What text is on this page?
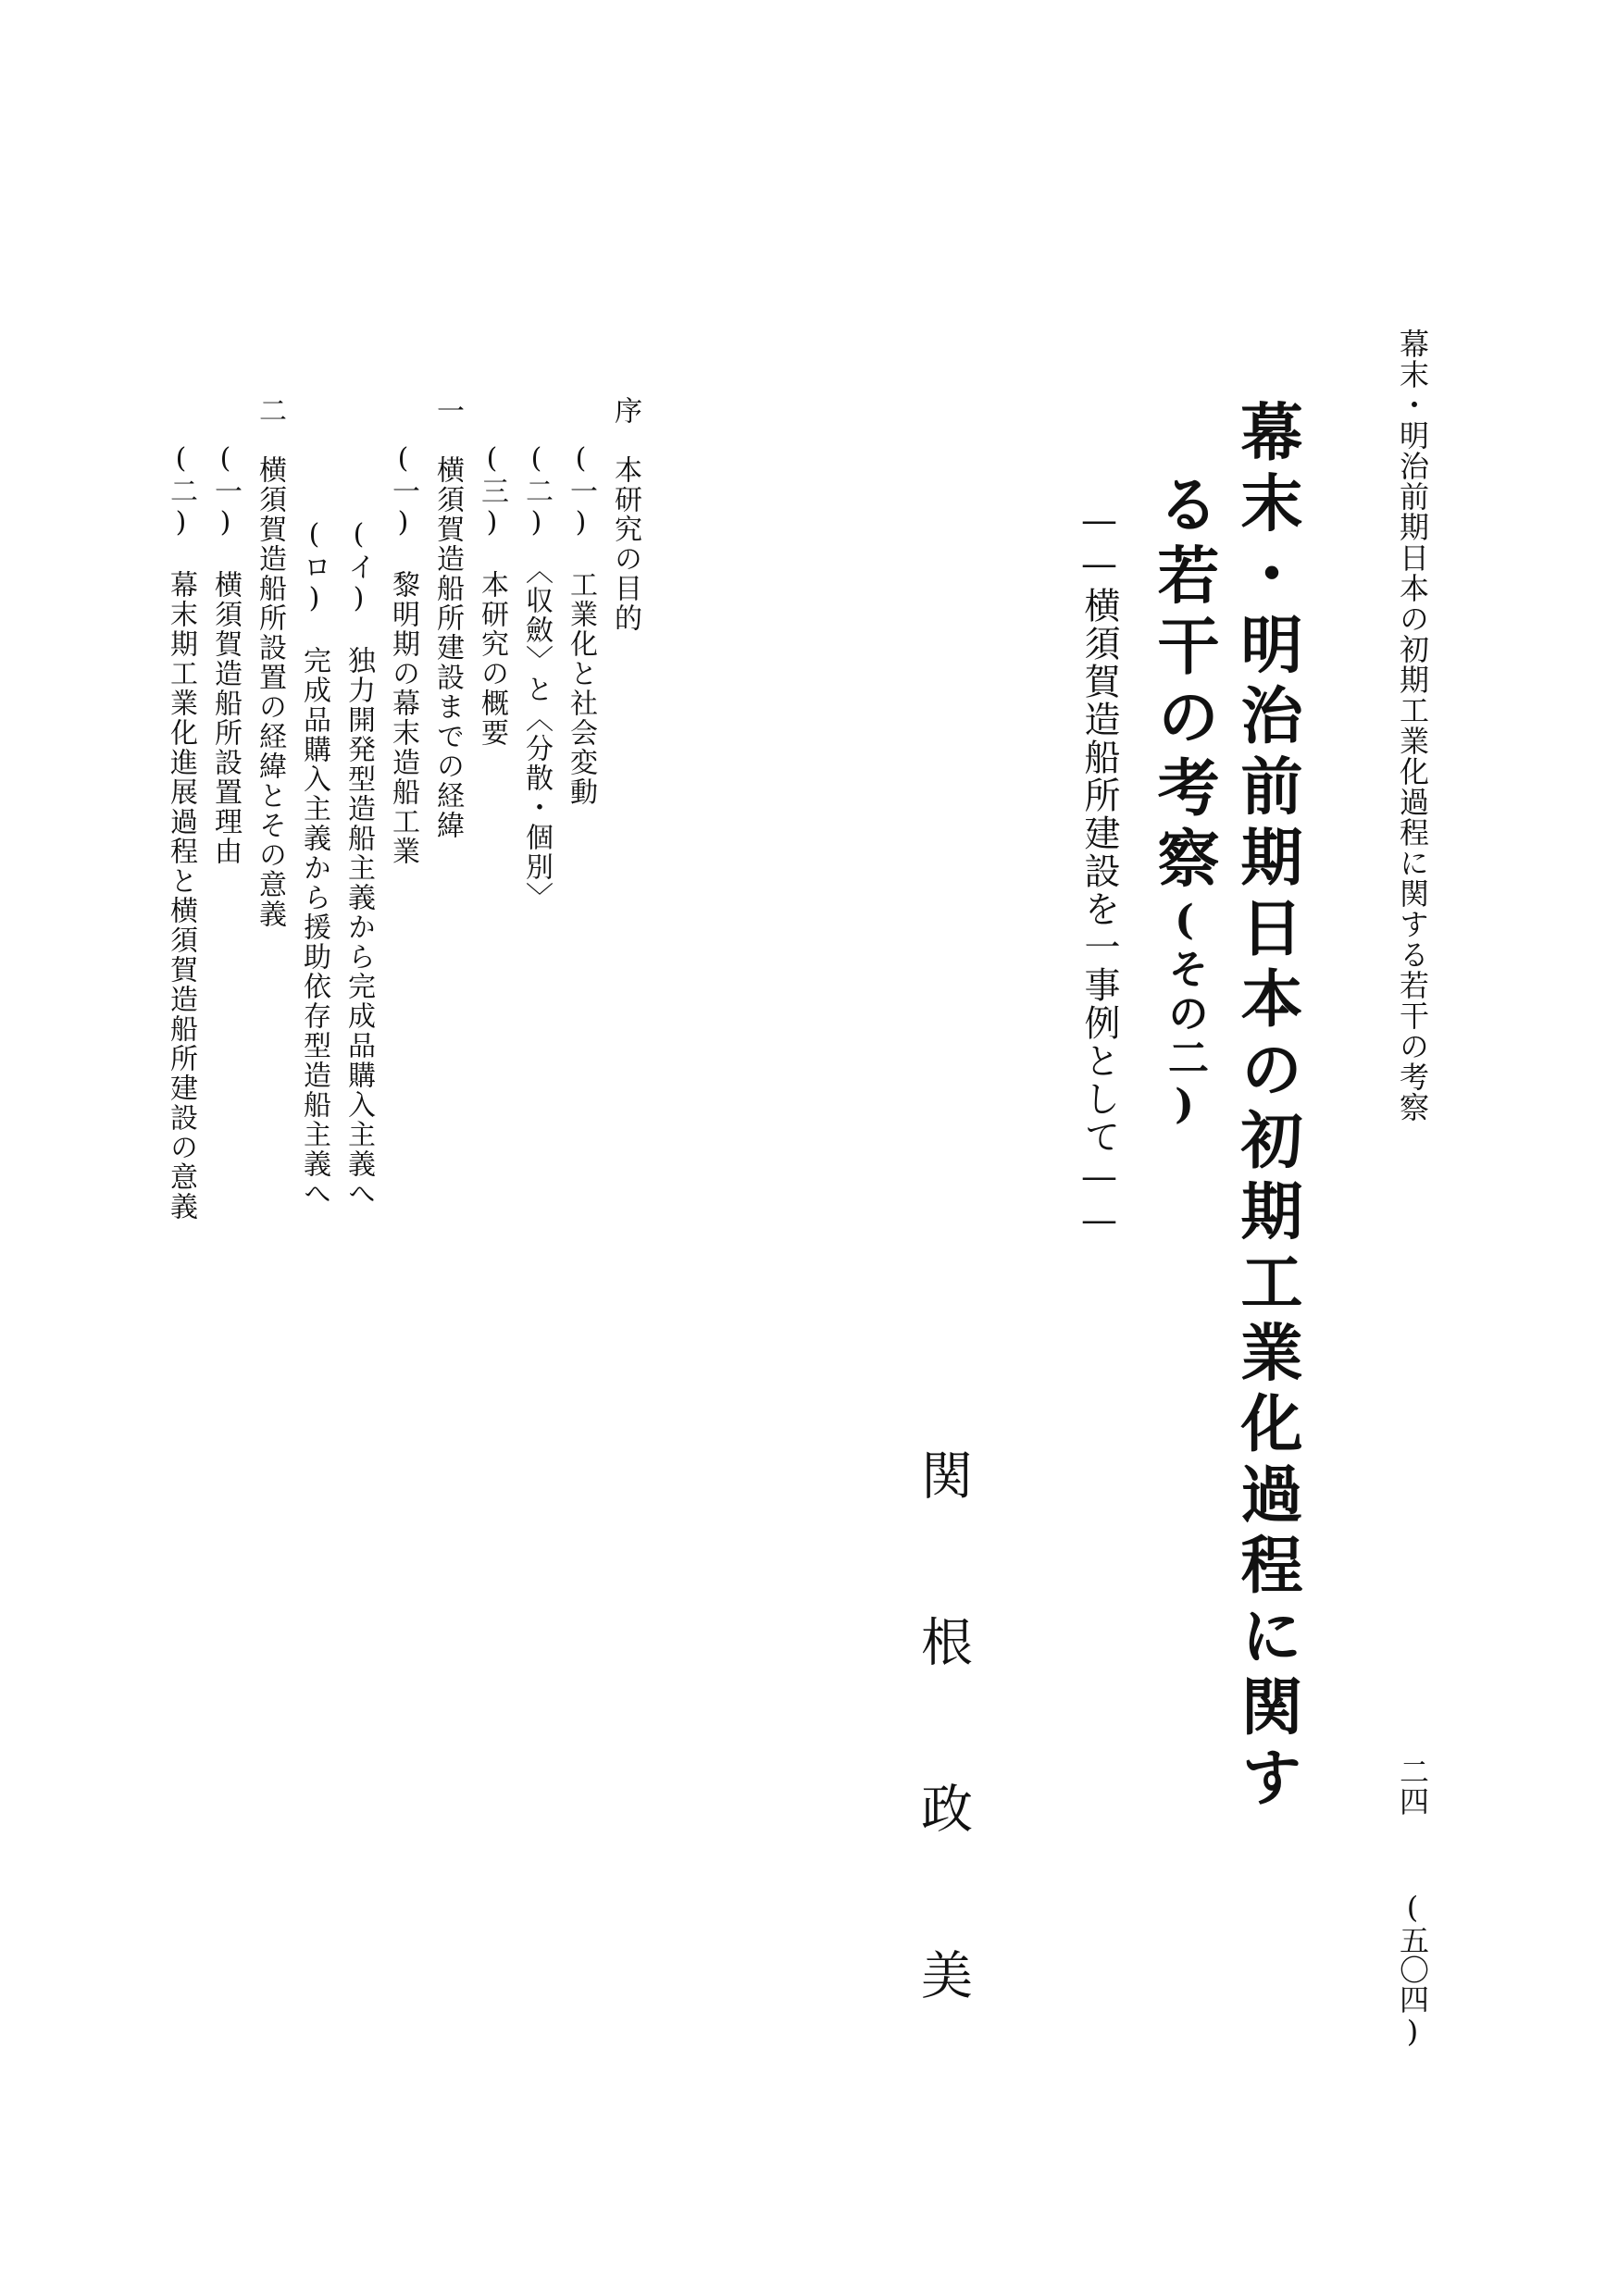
幕末・明治前期日本の初期工業化過程に関する若干の考察

二四

(五〇四)

幕末・明治前期日本の初期工業化過程に関す
る若干の考察(その二)

——横須賀造船所建設を一事例として——

関根政美

序　本研究の目的

(一)　工業化と社会変動

(二)　〈収斂〉と〈分散・個別〉

(三)　本研究の概要

一　横須賀造船所建設までの経緯

(一)　黎明期の幕末造船工業

(イ)　独力開発型造船主義から完成品購入主義へ

(ロ)　完成品購入主義から援助依存型造船主義へ

二　横須賀造船所設置の経緯とその意義

(一)　横須賀造船所設置理由

(二)　幕末期工業化進展過程と横須賀造船所建設の意義
